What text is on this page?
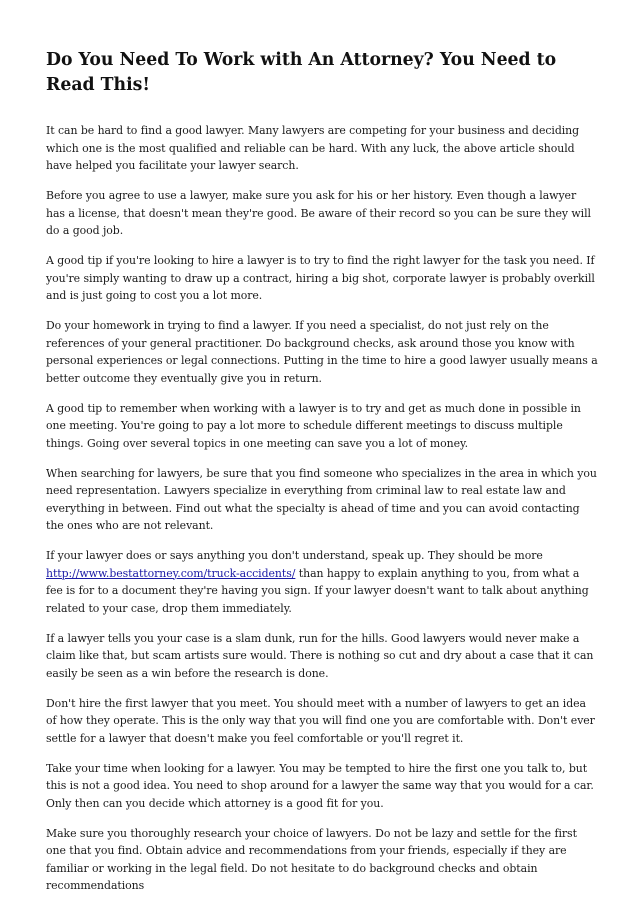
Do You Need To Work with An Attorney? You Need to Read This!

It can be hard to find a good lawyer. Many lawyers are competing for your business and deciding which one is the most qualified and reliable can be hard. With any luck, the above article should have helped you facilitate your lawyer search.

Before you agree to use a lawyer, make sure you ask for his or her history. Even though a lawyer has a license, that doesn't mean they're good. Be aware of their record so you can be sure they will do a good job.

A good tip if you're looking to hire a lawyer is to try to find the right lawyer for the task you need. If you're simply wanting to draw up a contract, hiring a big shot, corporate lawyer is probably overkill and is just going to cost you a lot more.

Do your homework in trying to find a lawyer. If you need a specialist, do not just rely on the references of your general practitioner. Do background checks, ask around those you know with personal experiences or legal connections. Putting in the time to hire a good lawyer usually means a better outcome they eventually give you in return.

A good tip to remember when working with a lawyer is to try and get as much done in possible in one meeting. You're going to pay a lot more to schedule different meetings to discuss multiple things. Going over several topics in one meeting can save you a lot of money.

When searching for lawyers, be sure that you find someone who specializes in the area in which you need representation. Lawyers specialize in everything from criminal law to real estate law and everything in between. Find out what the specialty is ahead of time and you can avoid contacting the ones who are not relevant.

If your lawyer does or says anything you don't understand, speak up. They should be more http://www.bestattorney.com/truck-accidents/ than happy to explain anything to you, from what a fee is for to a document they're having you sign. If your lawyer doesn't want to talk about anything related to your case, drop them immediately.

If a lawyer tells you your case is a slam dunk, run for the hills. Good lawyers would never make a claim like that, but scam artists sure would. There is nothing so cut and dry about a case that it can easily be seen as a win before the research is done.

Don't hire the first lawyer that you meet. You should meet with a number of lawyers to get an idea of how they operate. This is the only way that you will find one you are comfortable with. Don't ever settle for a lawyer that doesn't make you feel comfortable or you'll regret it.

Take your time when looking for a lawyer. You may be tempted to hire the first one you talk to, but this is not a good idea. You need to shop around for a lawyer the same way that you would for a car. Only then can you decide which attorney is a good fit for you.

Make sure you thoroughly research your choice of lawyers. Do not be lazy and settle for the first one that you find. Obtain advice and recommendations from your friends, especially if they are familiar or working in the legal field. Do not hesitate to do background checks and obtain recommendations
